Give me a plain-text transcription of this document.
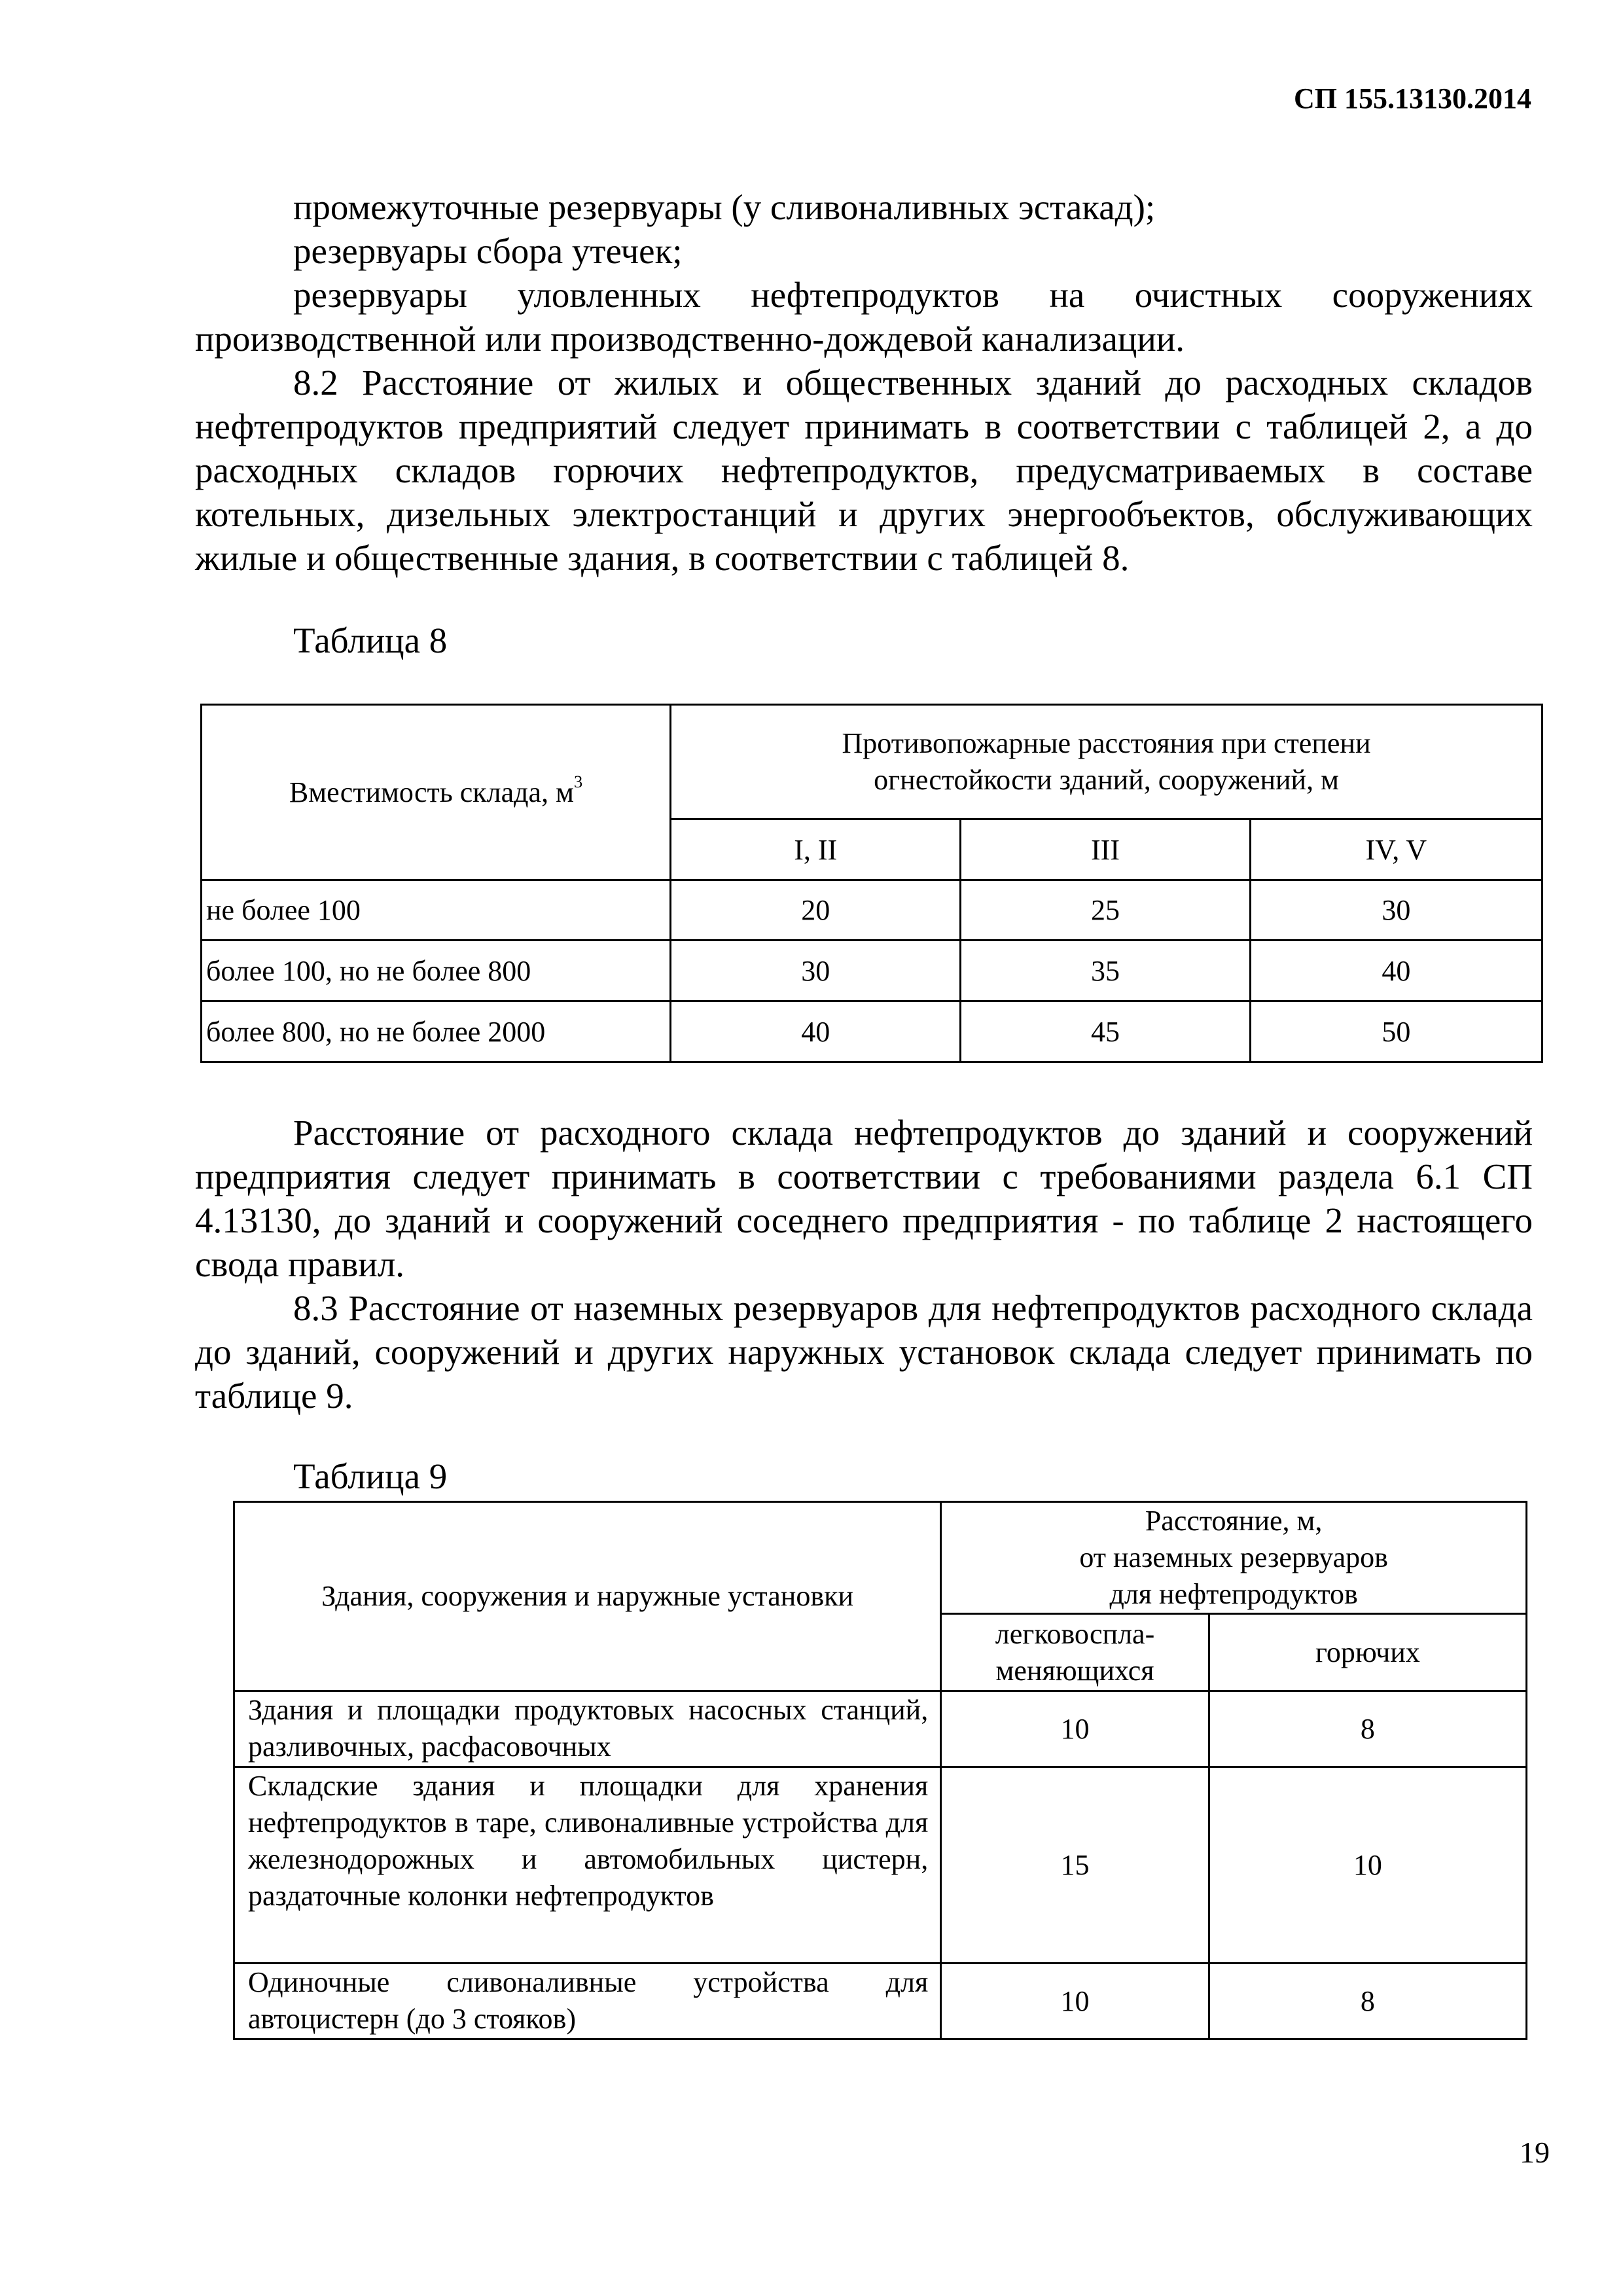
СП 155.13130.2014

промежуточные резервуары (у сливоналивных эстакад);

резервуары сбора утечек;

резервуары уловленных нефтепродуктов на очистных сооружениях производственной или производственно-дождевой канализации.

8.2 Расстояние от жилых и общественных зданий до расходных складов нефтепродуктов предприятий следует принимать в соответствии с таблицей 2, а до расходных складов горючих нефтепродуктов, предусматриваемых в составе котельных, дизельных электростанций и других энергообъектов, обслуживающих жилые и общественные здания, в соответствии с таблицей 8.

Таблица 8
Вместимость склада, $м^3$	Противопожарные расстояния при степени
огнестойкости зданий, сооружений, м		
	I, II	III	IV, V
не более 100	20	25	30
более 100, но не более 800	30	35	40
более 800, но не более 2000	40	45	50

Расстояние от расходного склада нефтепродуктов до зданий и сооружений предприятия следует принимать в соответствии с требованиями раздела 6.1 СП 4.13130, до зданий и сооружений соседнего предприятия - по таблице 2 настоящего свода правил.

8.3 Расстояние от наземных резервуаров для нефтепродуктов расходного склада до зданий, сооружений и других наружных установок склада следует принимать по таблице 9.

Таблица 9
Здания, сооружения и наружные установки	Расстояние, м,
от наземных резервуаров
для нефтепродуктов	
	легковоспла-
меняющихся	горючих
Здания и площадки продуктовых насосных станций, разливочных, расфасовочных	10	8
Складские здания и площадки для хранения нефтепродуктов в таре, сливоналивные устройства для железнодорожных и автомобильных цистерн, раздаточные колонки нефтепродуктов	15	10
Одиночные сливоналивные устройства для автоцистерн (до 3 стояков)	10	8
19
